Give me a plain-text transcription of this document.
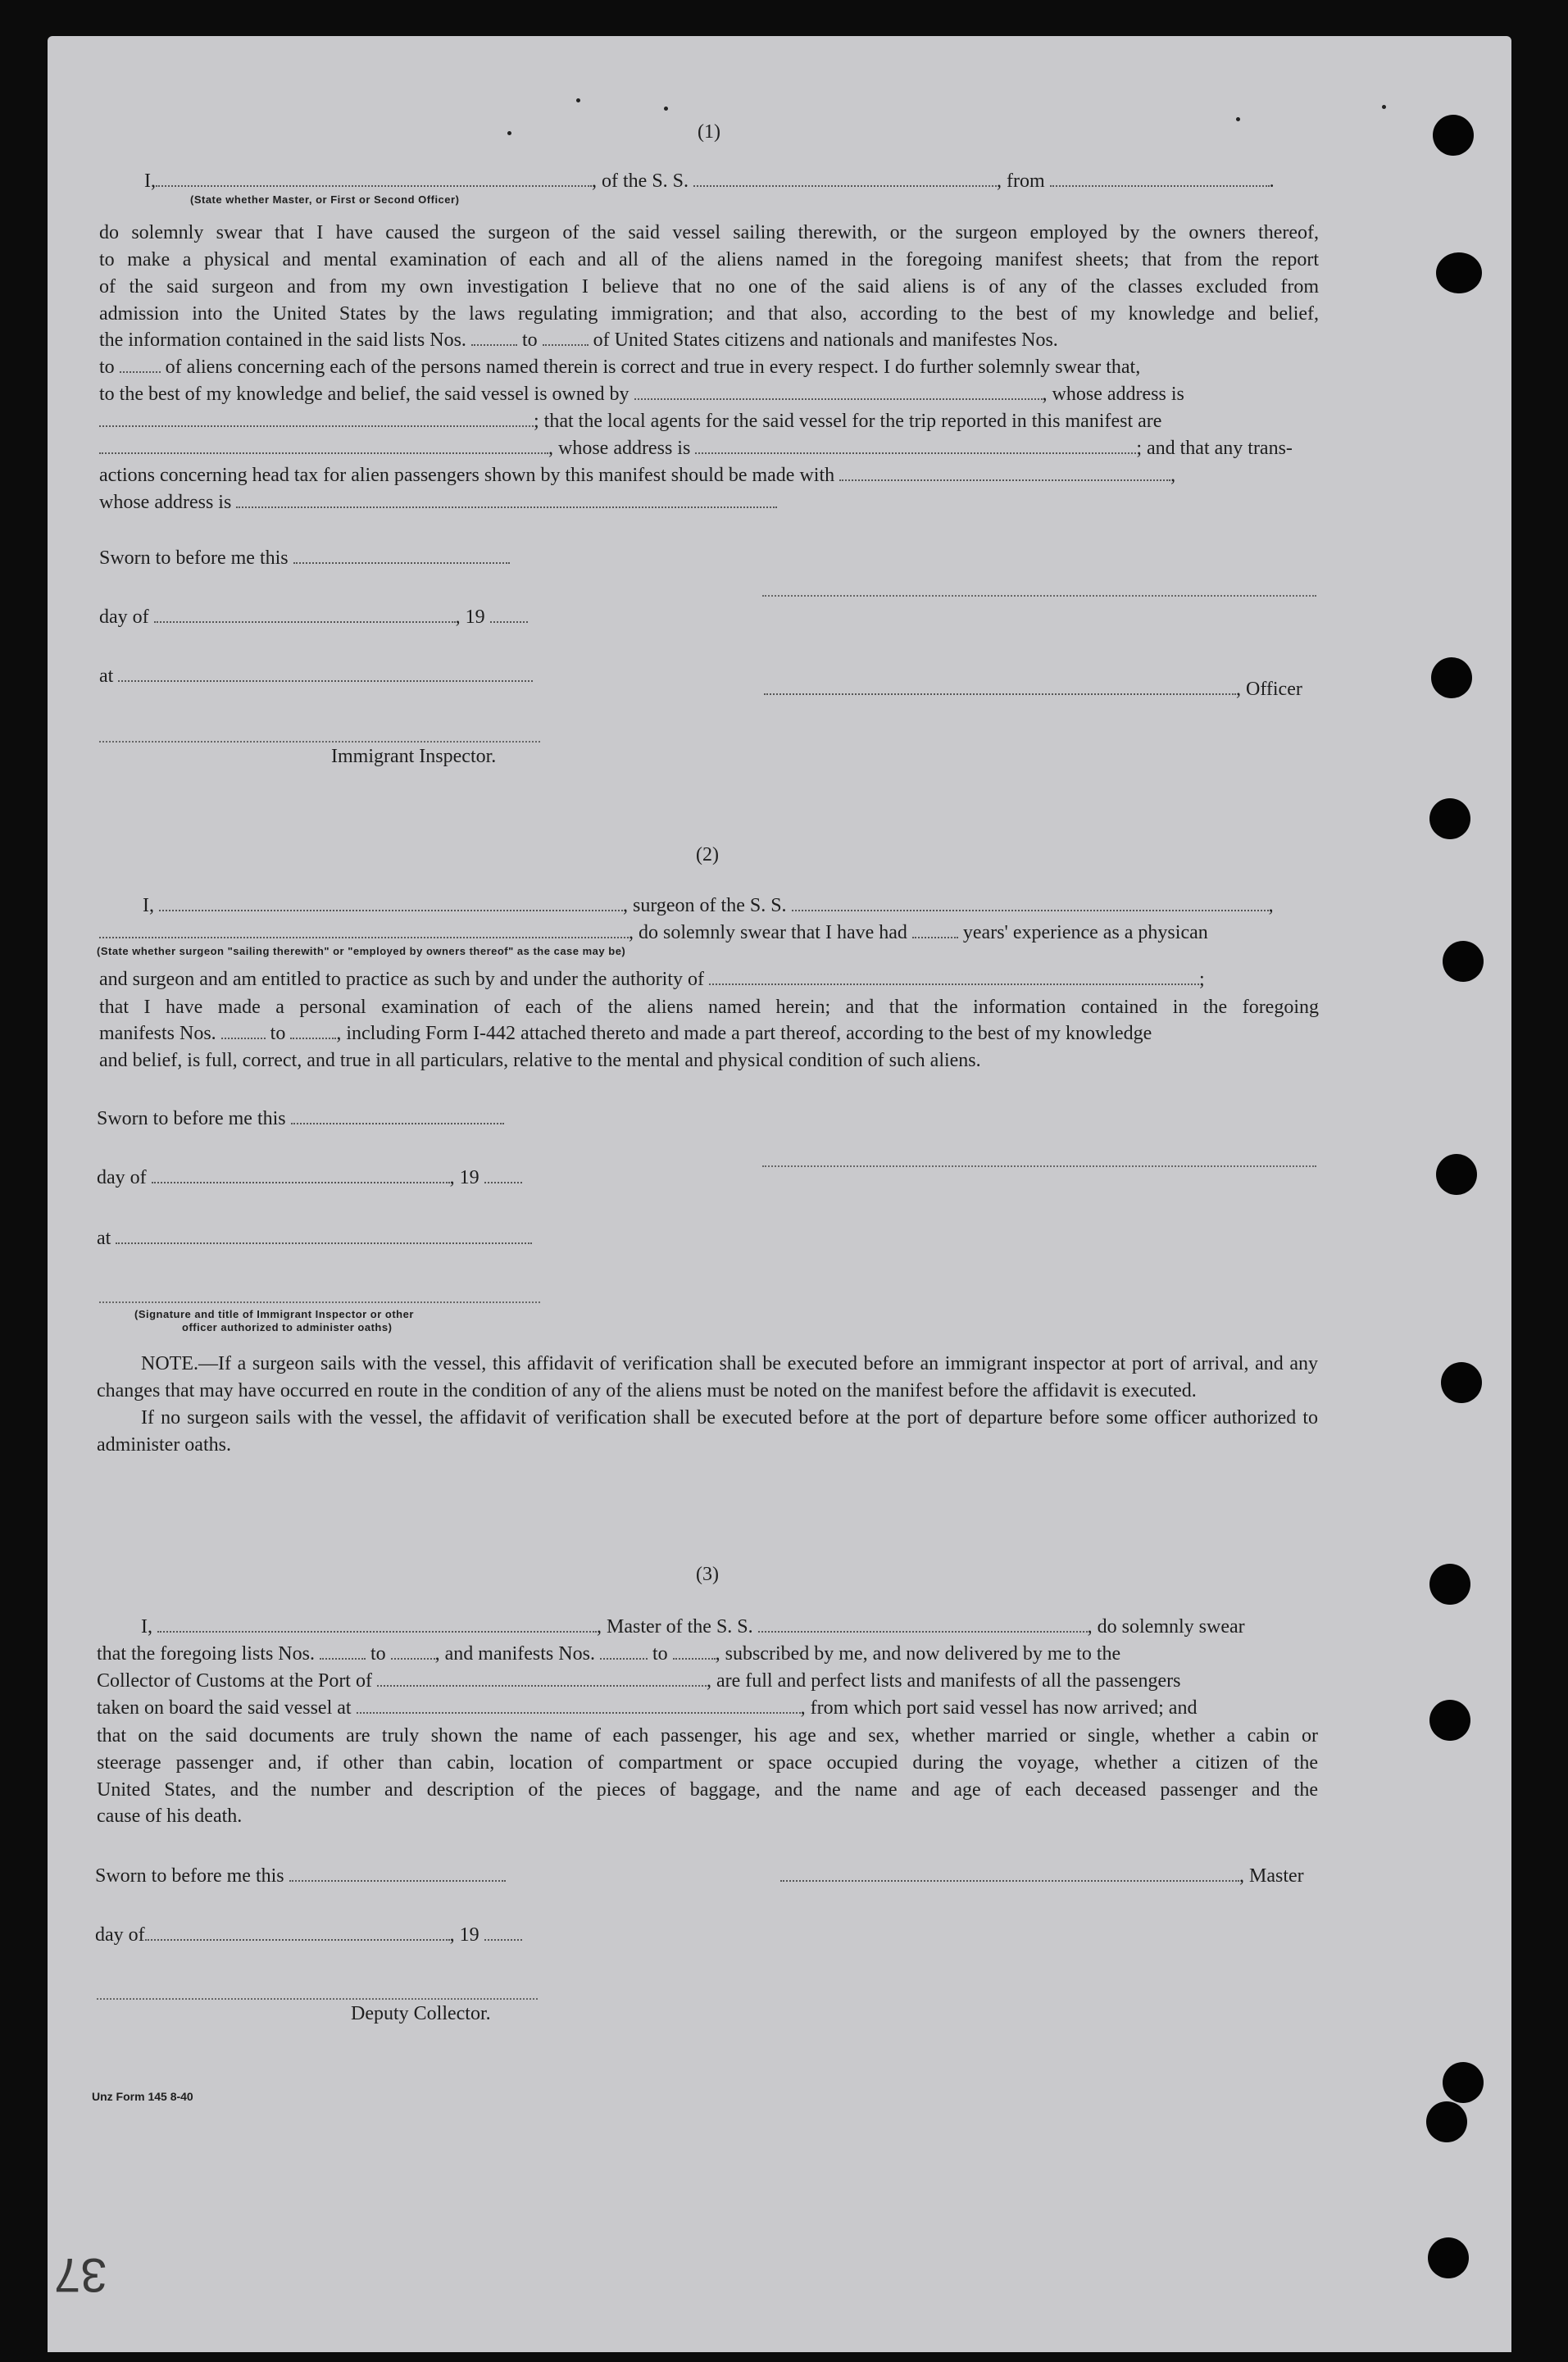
(1)
I,	, of the S. S.	, from	.
(State whether Master, or First or Second Officer)
do solemnly swear that I have caused the surgeon of the said vessel sailing therewith, or the surgeon employed by the owners thereof,
to make a physical and mental examination of each and all of the aliens named in the foregoing manifest sheets; that from the report
of the said surgeon and from my own investigation I believe that no one of the said aliens is of any of the classes excluded from
admission into the United States by the laws regulating immigration; and that also, according to the best of my knowledge and belief,
the information contained in the said lists Nos.	to	of United States citizens and nationals and manifestes Nos.
to	of aliens concerning each of the persons named therein is correct and true in every respect. I do further solemnly swear that,
to the best of my knowledge and belief, the said vessel is owned by	, whose address is
; that the local agents for the said vessel for the trip reported in this manifest are
, whose address is	; and that any trans-
actions concerning head tax for alien passengers shown by this manifest should be made with	,
whose address is
Sworn to before me this
day of	, 19
at
, Officer
Immigrant Inspector.
(2)
I,	, surgeon of the S. S.	,
, do solemnly swear that I have had	years' experience as a physican
(State whether surgeon "sailing therewith" or "employed by owners thereof" as the case may be)
and surgeon and am entitled to practice as such by and under the authority of	;
that I have made a personal examination of each of the aliens named herein; and that the information contained in the foregoing
manifests Nos.	to	, including Form I-442 attached thereto and made a part thereof, according to the best of my knowledge
and belief, is full, correct, and true in all particulars, relative to the mental and physical condition of such aliens.
Sworn to before me this
day of	, 19
at
(Signature and title of Immigrant Inspector or other
officer authorized to administer oaths)

NOTE.—If a surgeon sails with the vessel, this affidavit of verification shall be executed before an immigrant inspector at port of arrival, and any changes that may have occurred en route in the condition of any of the aliens must be noted on the manifest before the affidavit is executed.

If no surgeon sails with the vessel, the affidavit of verification shall be executed before at the port of departure before some officer authorized to administer oaths.

(3)
I,	, Master of the S. S.	, do solemnly swear
that the foregoing lists Nos.	to	, and manifests Nos.	to , subscribed by me, and now delivered by me to the
Collector of Customs at the Port of	, are full and perfect lists and manifests of all the passengers
taken on board the said vessel at	, from which port said vessel has now arrived; and
that on the said documents are truly shown the name of each passenger, his age and sex, whether married or single, whether a cabin or
steerage passenger and, if other than cabin, location of compartment or space occupied during the voyage, whether a citizen of the
United States, and the number and description of the pieces of baggage, and the name and age of each deceased passenger and the
cause of his death.
Sworn to before me this	, Master
day of	, 19
Deputy Collector.
Unz Form 145 8-40
37
